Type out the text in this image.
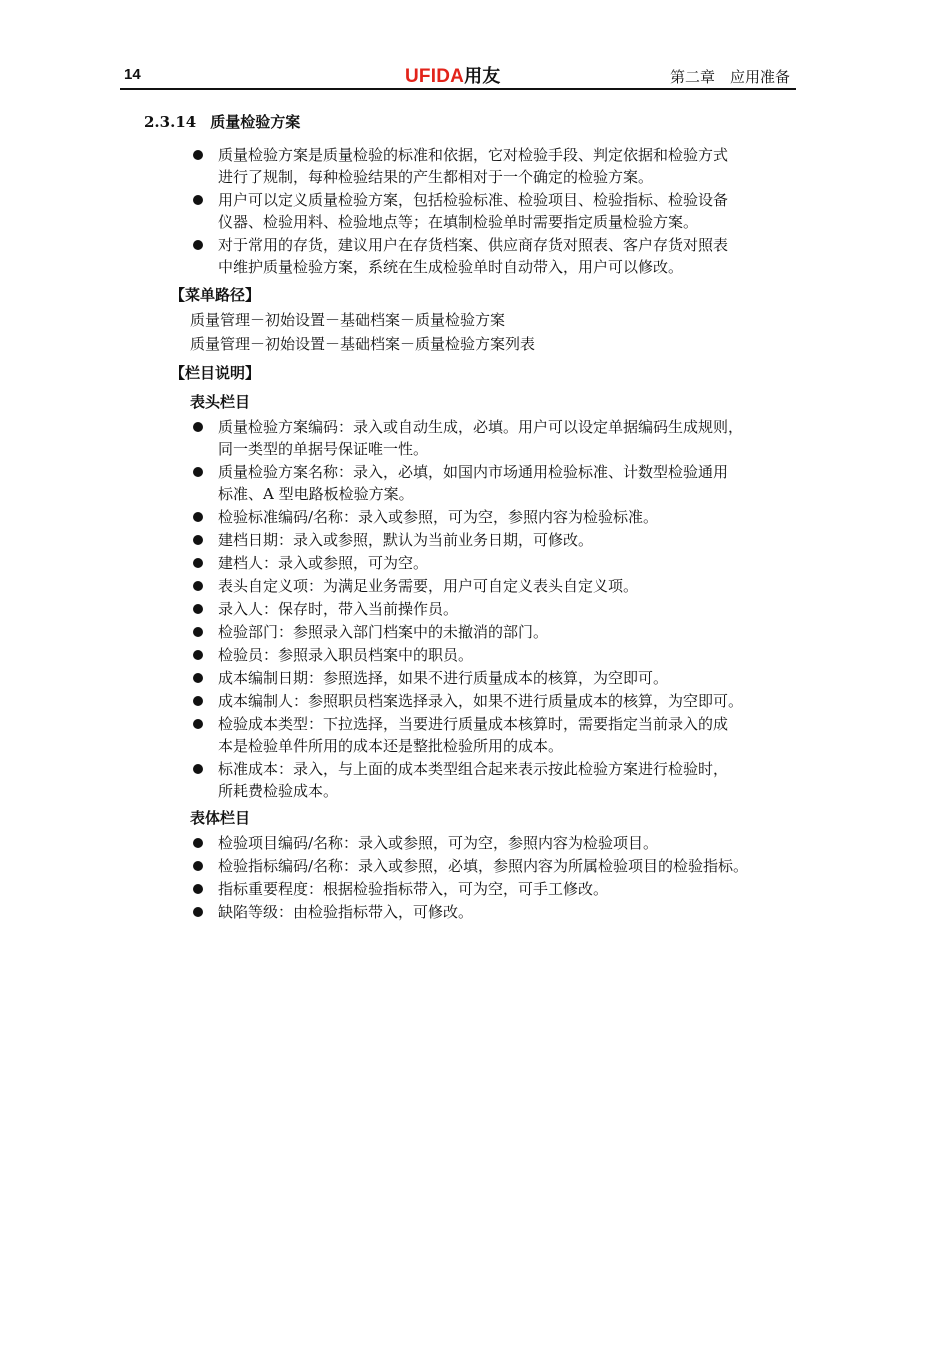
14	UFIDA用友	第二章　应用准备
2.3.14 质量检验方案
质量检验方案是质量检验的标准和依据，它对检验手段、判定依据和检验方式
进行了规制，每种检验结果的产生都相对于一个确定的检验方案。
用户可以定义质量检验方案，包括检验标准、检验项目、检验指标、检验设备
仪器、检验用料、检验地点等；在填制检验单时需要指定质量检验方案。
对于常用的存货，建议用户在存货档案、供应商存货对照表、客户存货对照表
中维护质量检验方案，系统在生成检验单时自动带入，用户可以修改。
【菜单路径】
质量管理－初始设置－基础档案－质量检验方案
质量管理－初始设置－基础档案－质量检验方案列表
【栏目说明】
表头栏目
质量检验方案编码：录入或自动生成，必填。用户可以设定单据编码生成规则，
同一类型的单据号保证唯一性。
质量检验方案名称：录入，必填，如国内市场通用检验标准、计数型检验通用
标准、A 型电路板检验方案。
检验标准编码/名称：录入或参照，可为空，参照内容为检验标准。
建档日期：录入或参照，默认为当前业务日期，可修改。
建档人：录入或参照，可为空。
表头自定义项：为满足业务需要，用户可自定义表头自定义项。
录入人：保存时，带入当前操作员。
检验部门：参照录入部门档案中的未撤消的部门。
检验员：参照录入职员档案中的职员。
成本编制日期：参照选择，如果不进行质量成本的核算，为空即可。
成本编制人：参照职员档案选择录入，如果不进行质量成本的核算，为空即可。
检验成本类型：下拉选择，当要进行质量成本核算时，需要指定当前录入的成
本是检验单件所用的成本还是整批检验所用的成本。
标准成本：录入，与上面的成本类型组合起来表示按此检验方案进行检验时，
所耗费检验成本。
表体栏目
检验项目编码/名称：录入或参照，可为空，参照内容为检验项目。
检验指标编码/名称：录入或参照，必填，参照内容为所属检验项目的检验指标。
指标重要程度：根据检验指标带入，可为空，可手工修改。
缺陷等级：由检验指标带入，可修改。
